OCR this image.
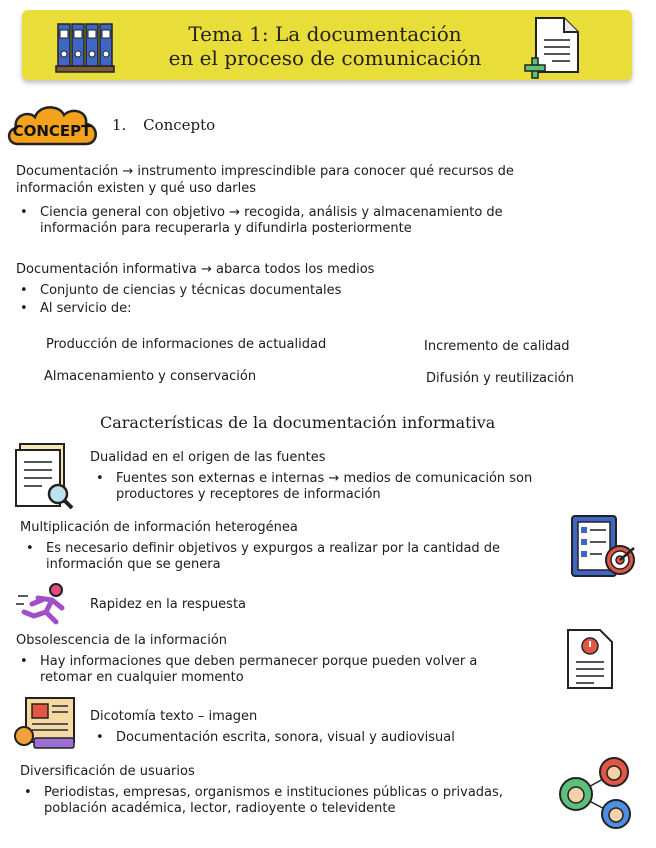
Tema 1: La documentación
en el proceso de comunicación
CONCEPT 1. Concepto
Documentación → instrumento imprescindible para conocer qué recursos de
información existen y qué uso darles
• Ciencia general con objetivo → recogida, análisis y almacenamiento de
información para recuperarla y difundirla posteriormente
Documentación informativa → abarca todos los medios
• Conjunto de ciencias y técnicas documentales
• Al servicio de:
Producción de informaciones de actualidad	Incremento de calidad
Almacenamiento y conservación	Difusión y reutilización
Características de la documentación informativa
Dualidad en el origen de las fuentes
• Fuentes son externas e internas → medios de comunicación son
productores y receptores de información
Multiplicación de información heterogénea
• Es necesario definir objetivos y expurgos a realizar por la cantidad de
información que se genera
Rapidez en la respuesta
Obsolescencia de la información
• Hay informaciones que deben permanecer porque pueden volver a
retomar en cualquier momento
Dicotomía texto – imagen
• Documentación escrita, sonora, visual y audiovisual
Diversificación de usuarios
• Periodistas, empresas, organismos e instituciones públicas o privadas,
población académica, lector, radioyente o televidente
